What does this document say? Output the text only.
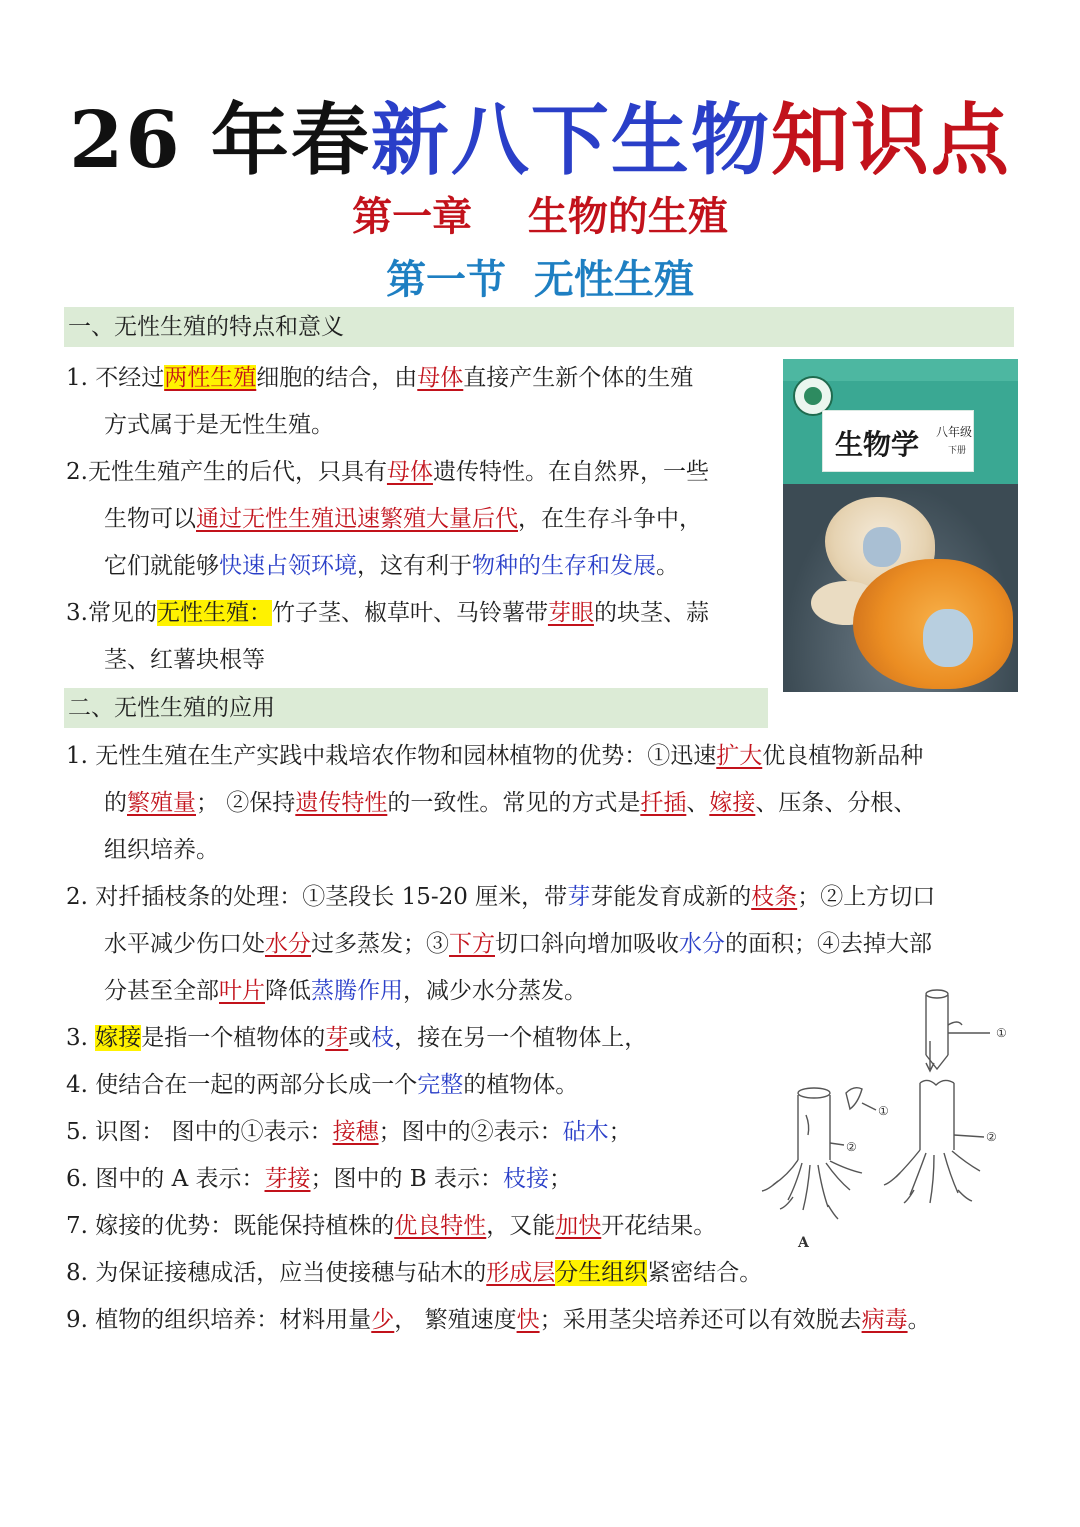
26 年春新八下生物知识点
第一章    生物的生殖
第一节  无性生殖
一、无性生殖的特点和意义
1. 不经过两性生殖细胞的结合，由母体直接产生新个体的生殖
方式属于是无性生殖。
2.无性生殖产生的后代，只具有母体遗传特性。在自然界，一些
生物可以通过无性生殖迅速繁殖大量后代，在生存斗争中，
它们就能够快速占领环境，这有利于物种的生存和发展。
3.常见的无性生殖：竹子茎、椒草叶、马铃薯带芽眼的块茎、蒜
茎、红薯块根等
生物学 八年级
下册
二、无性生殖的应用
1. 无性生殖在生产实践中栽培农作物和园林植物的优势：①迅速扩大优良植物新品种
的繁殖量； ②保持遗传特性的一致性。常见的方式是扦插、嫁接、压条、分根、
组织培养。
2. 对扦插枝条的处理：①茎段长 15-20 厘米，带芽芽能发育成新的枝条；②上方切口
水平减少伤口处水分过多蒸发；③下方切口斜向增加吸收水分的面积；④去掉大部
分甚至全部叶片降低蒸腾作用，减少水分蒸发。
3. 嫁接是指一个植物体的芽或枝，接在另一个植物体上，
4. 使结合在一起的两部分长成一个完整的植物体。
5. 识图： 图中的①表示：接穗；图中的②表示：砧木；
6. 图中的 A 表示：芽接；图中的 B 表示：枝接；
7. 嫁接的优势：既能保持植株的优良特性，又能加快开花结果。
8. 为保证接穗成活，应当使接穗与砧木的形成层分生组织紧密结合。
9. 植物的组织培养：材料用量少， 繁殖速度快；采用茎尖培养还可以有效脱去病毒。
①
①
②
②
A
